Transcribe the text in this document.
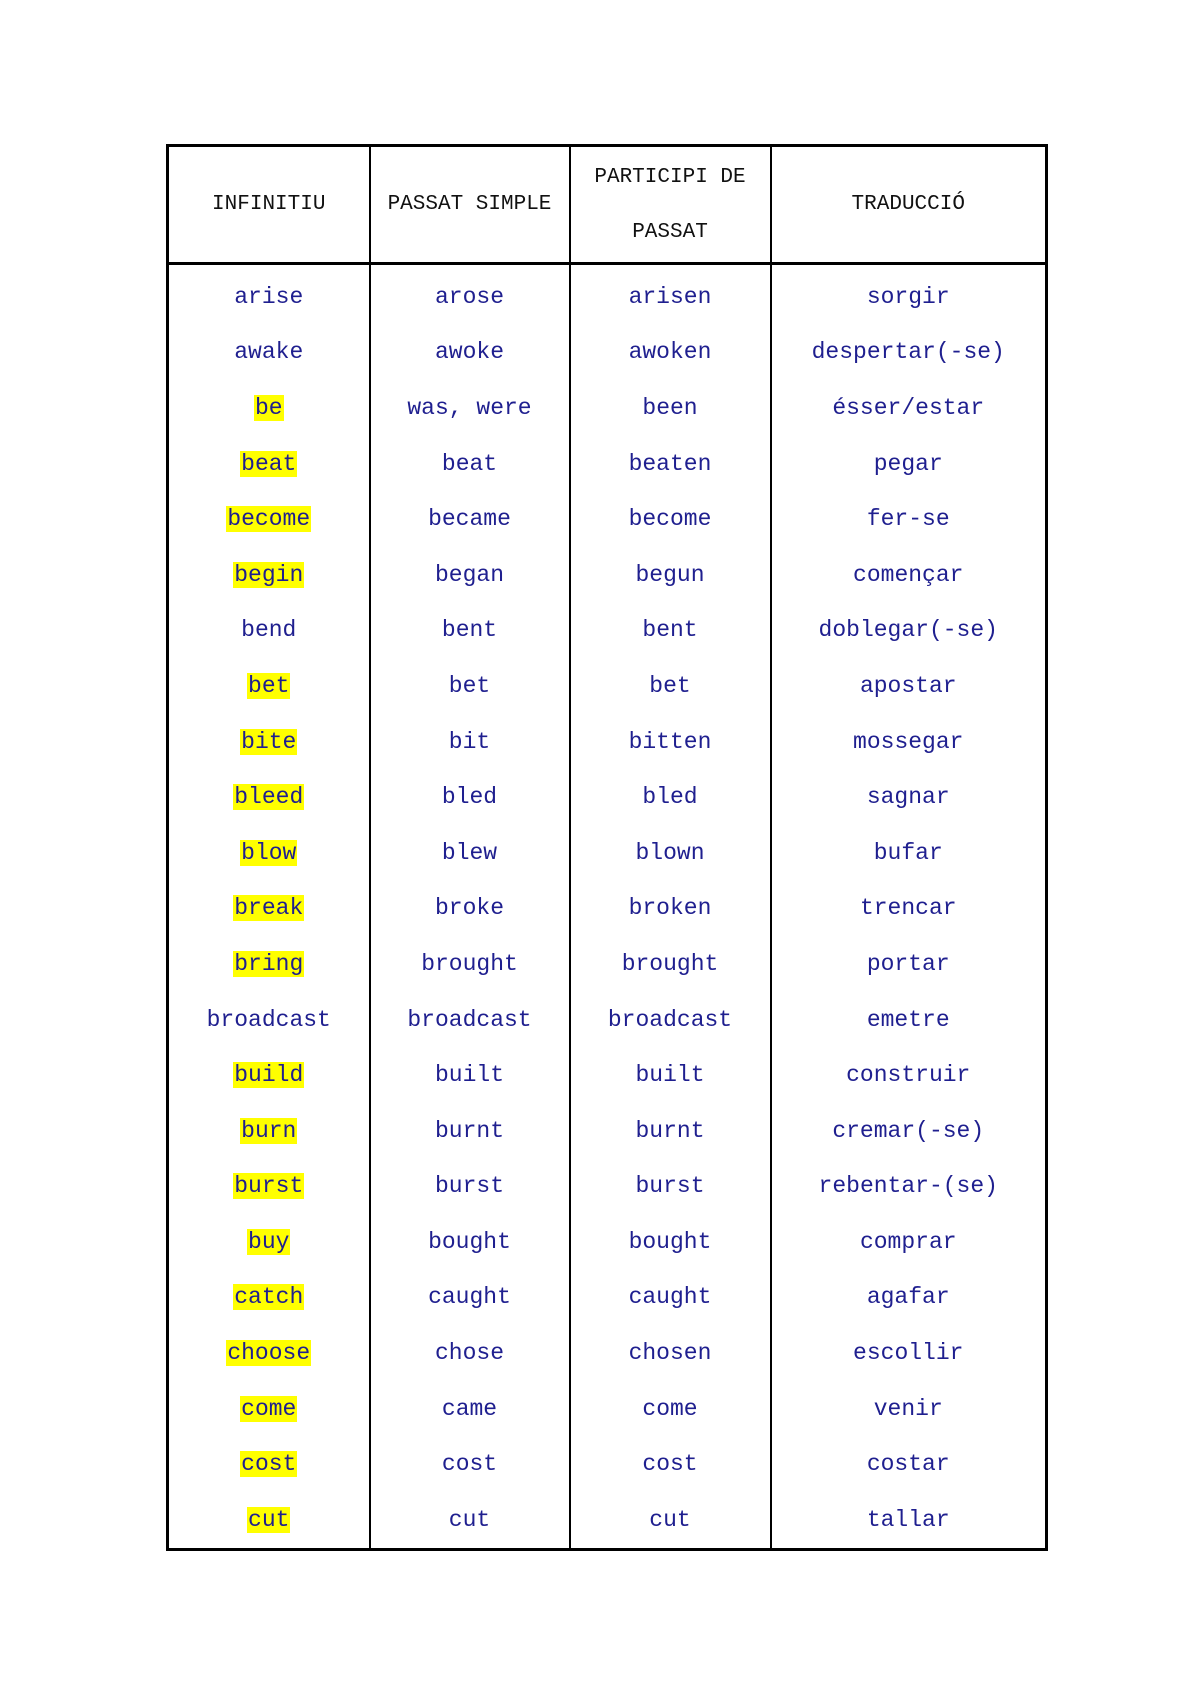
INFINITIU	PASSAT SIMPLE	PARTICIPI DE
PASSAT	TRADUCCIÓ
arise	arose	arisen	sorgir
awake	awoke	awoken	despertar(-se)
be	was, were	been	ésser/estar
beat	beat	beaten	pegar
become	became	become	fer-se
begin	began	begun	començar
bend	bent	bent	doblegar(-se)
bet	bet	bet	apostar
bite	bit	bitten	mossegar
bleed	bled	bled	sagnar
blow	blew	blown	bufar
break	broke	broken	trencar
bring	brought	brought	portar
broadcast	broadcast	broadcast	emetre
build	built	built	construir
burn	burnt	burnt	cremar(-se)
burst	burst	burst	rebentar-(se)
buy	bought	bought	comprar
catch	caught	caught	agafar
choose	chose	chosen	escollir
come	came	come	venir
cost	cost	cost	costar
cut	cut	cut	tallar
